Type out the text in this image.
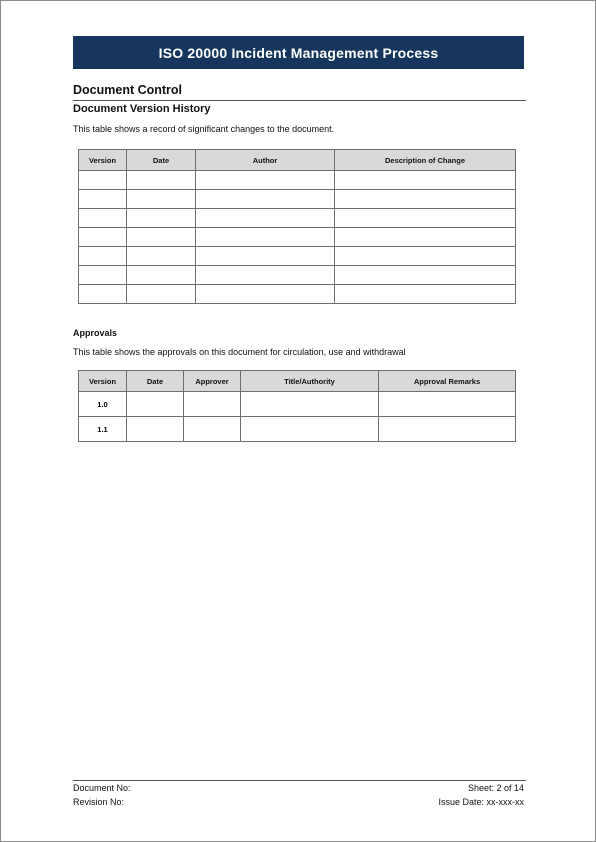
ISO 20000 Incident Management Process
Document Control
Document Version History
This table shows a record of significant changes to the document.
Version	Date	Author	Description of Change

Approvals
This table shows the approvals on this document for circulation, use and withdrawal
Version	Date	Approver	Title/Authority	Approval Remarks
1.0				
1.1				
Document No:
Revision No:
Sheet: 2 of 14
Issue Date: xx-xxx-xx
